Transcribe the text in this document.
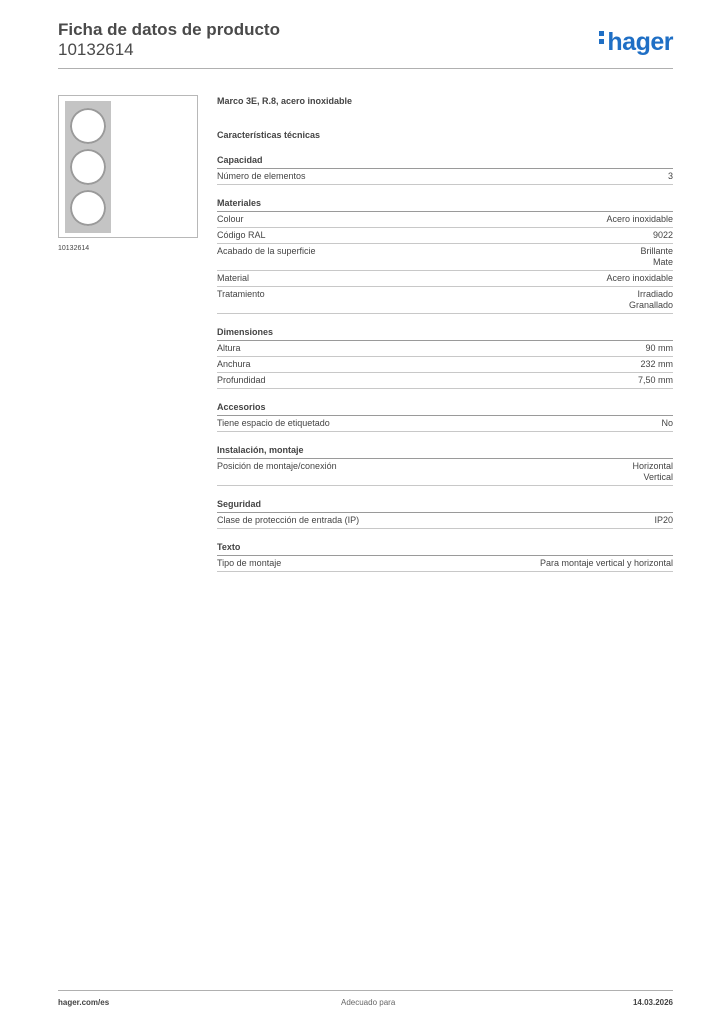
Ficha de datos de producto
10132614	hager
10132614
Marco 3E, R.8, acero inoxidable
Características técnicas
Capacidad
Número de elementos	3
Materiales
Colour	Acero inoxidable
Código RAL	9022
Acabado de la superficie	Brillante
Mate
Material	Acero inoxidable
Tratamiento	Irradiado
Granallado
Dimensiones
Altura	90 mm
Anchura	232 mm
Profundidad	7,50 mm
Accesorios
Tiene espacio de etiquetado	No
Instalación, montaje
Posición de montaje/conexión	Horizontal
Vertical
Seguridad
Clase de protección de entrada (IP)	IP20
Texto
Tipo de montaje	Para montaje vertical y horizontal
hager.com/es	Adecuado para	14.03.2026
